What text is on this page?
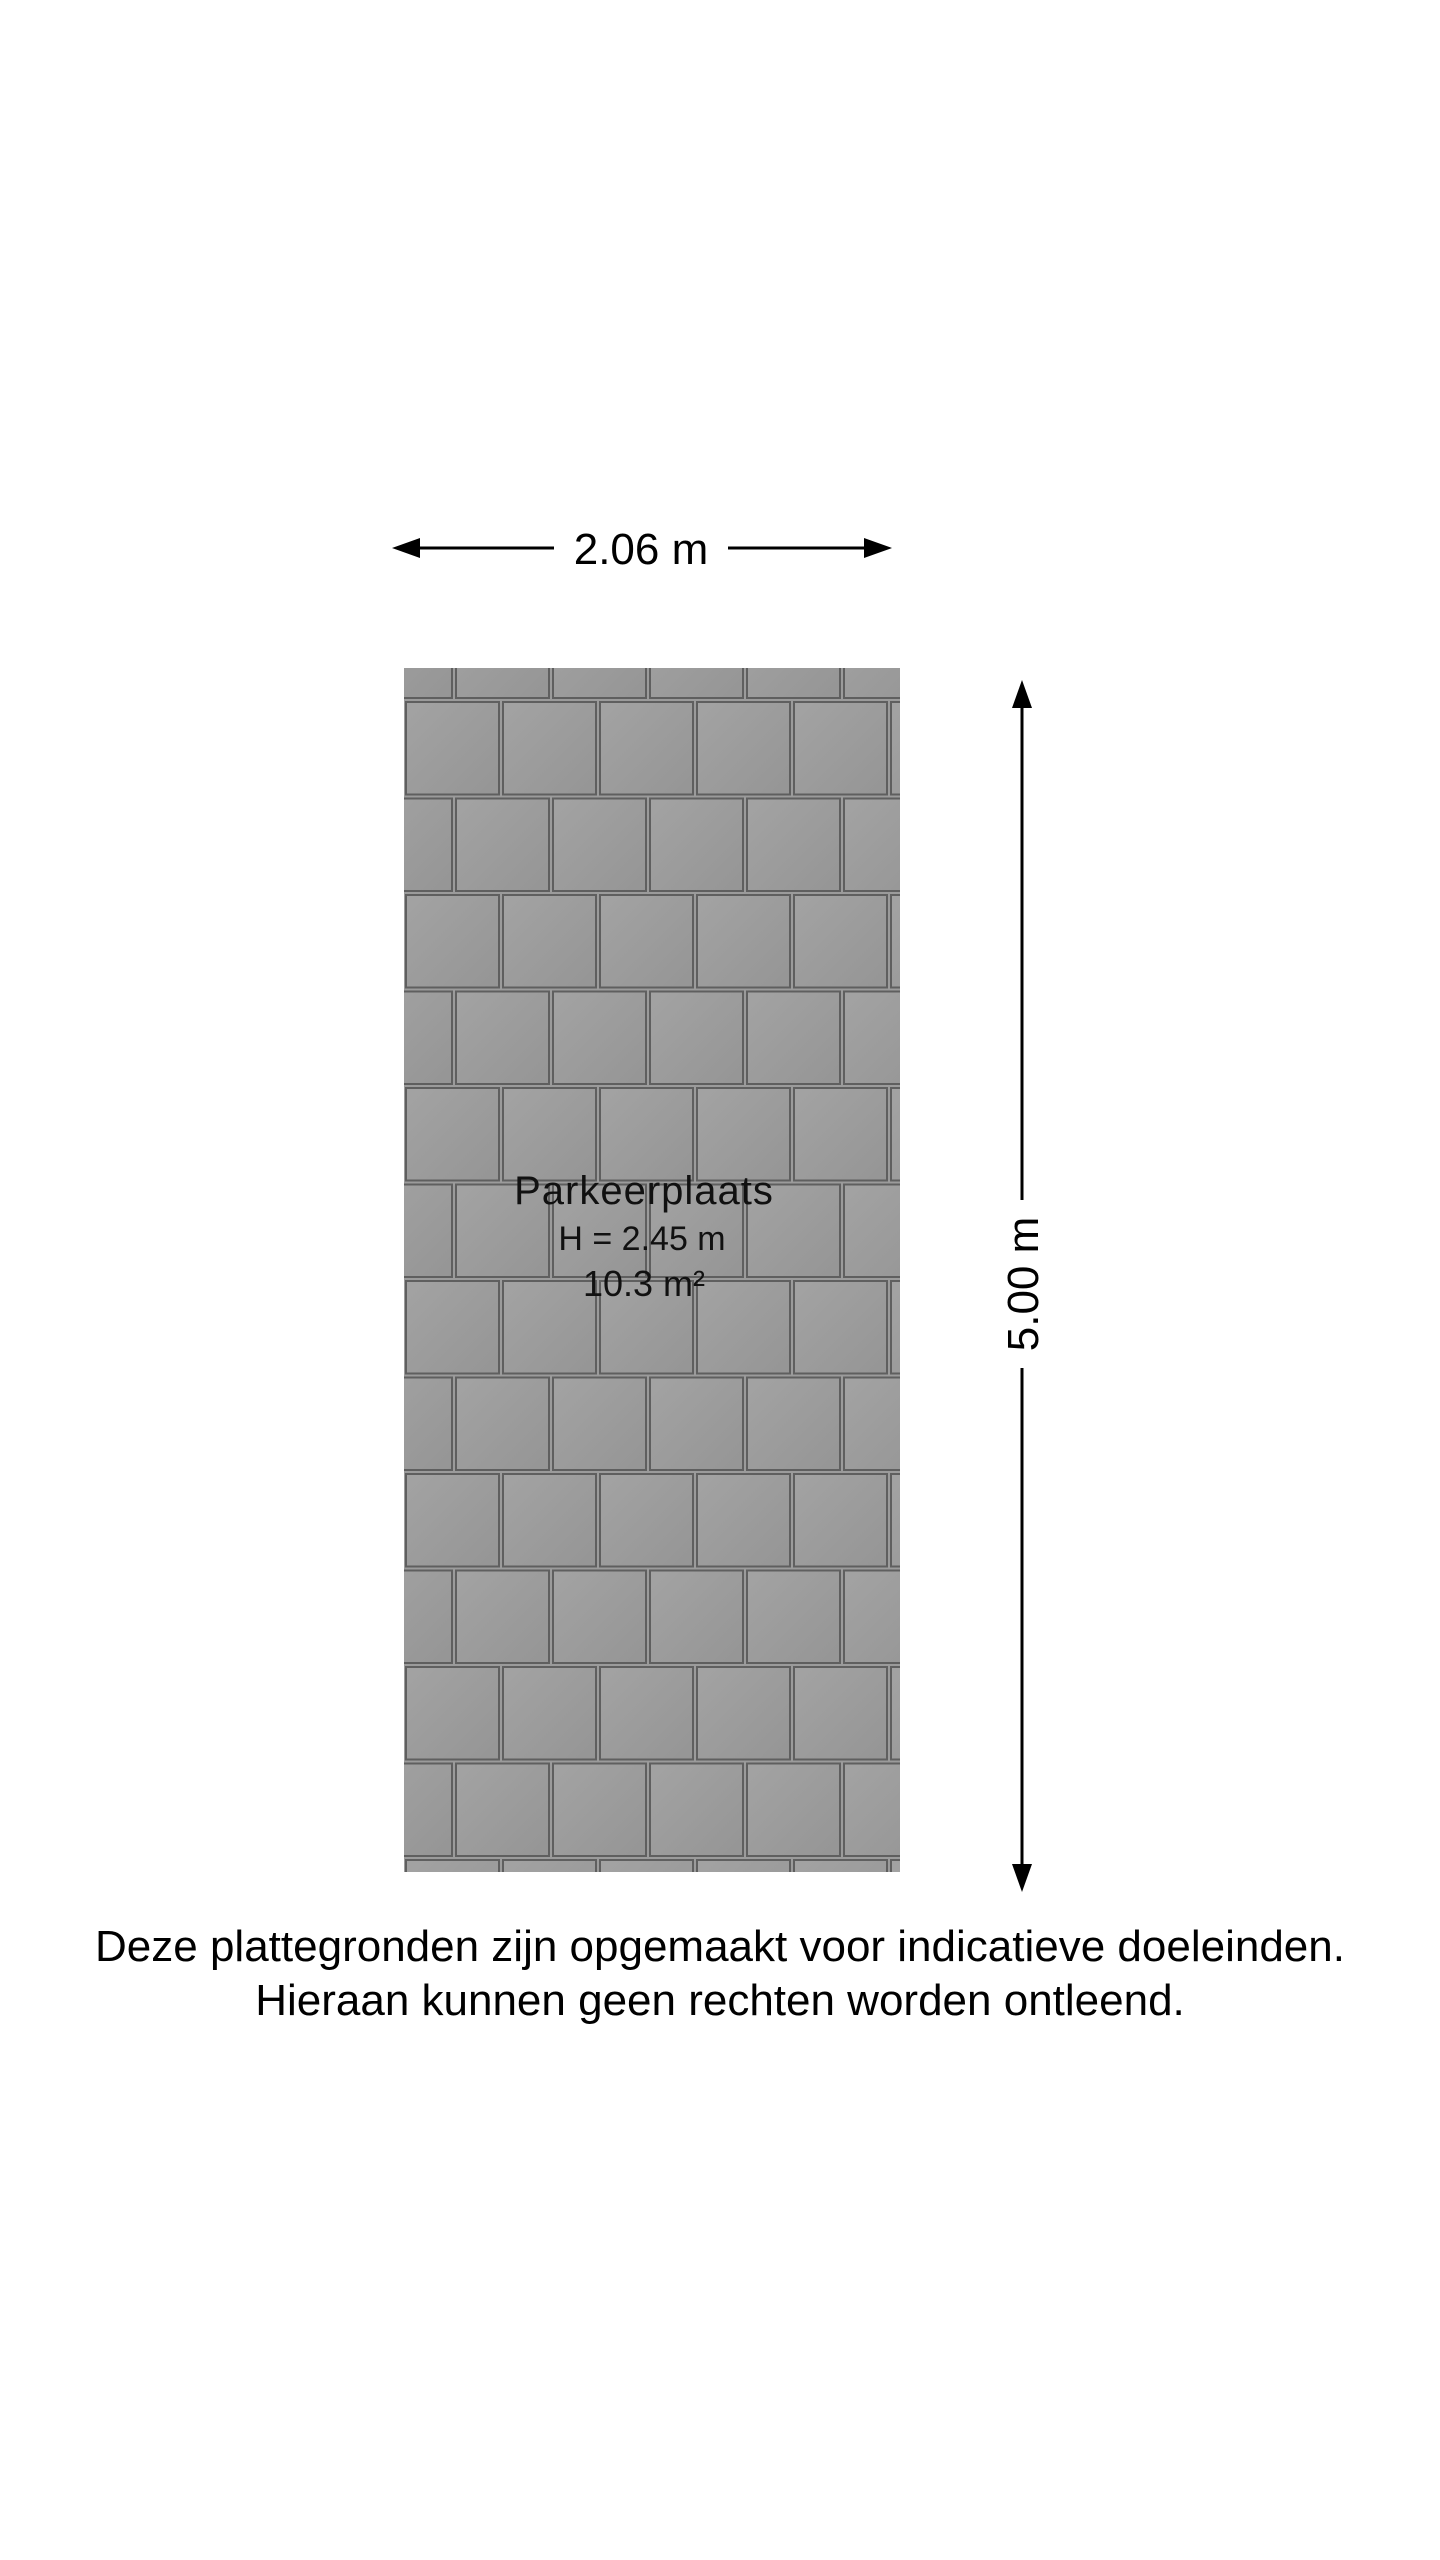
2.06 m
5.00 m
Parkeerplaats
H = 2.45 m
10.3 m²
Deze plattegronden zijn opgemaakt voor indicatieve doeleinden.
Hieraan kunnen geen rechten worden ontleend.
